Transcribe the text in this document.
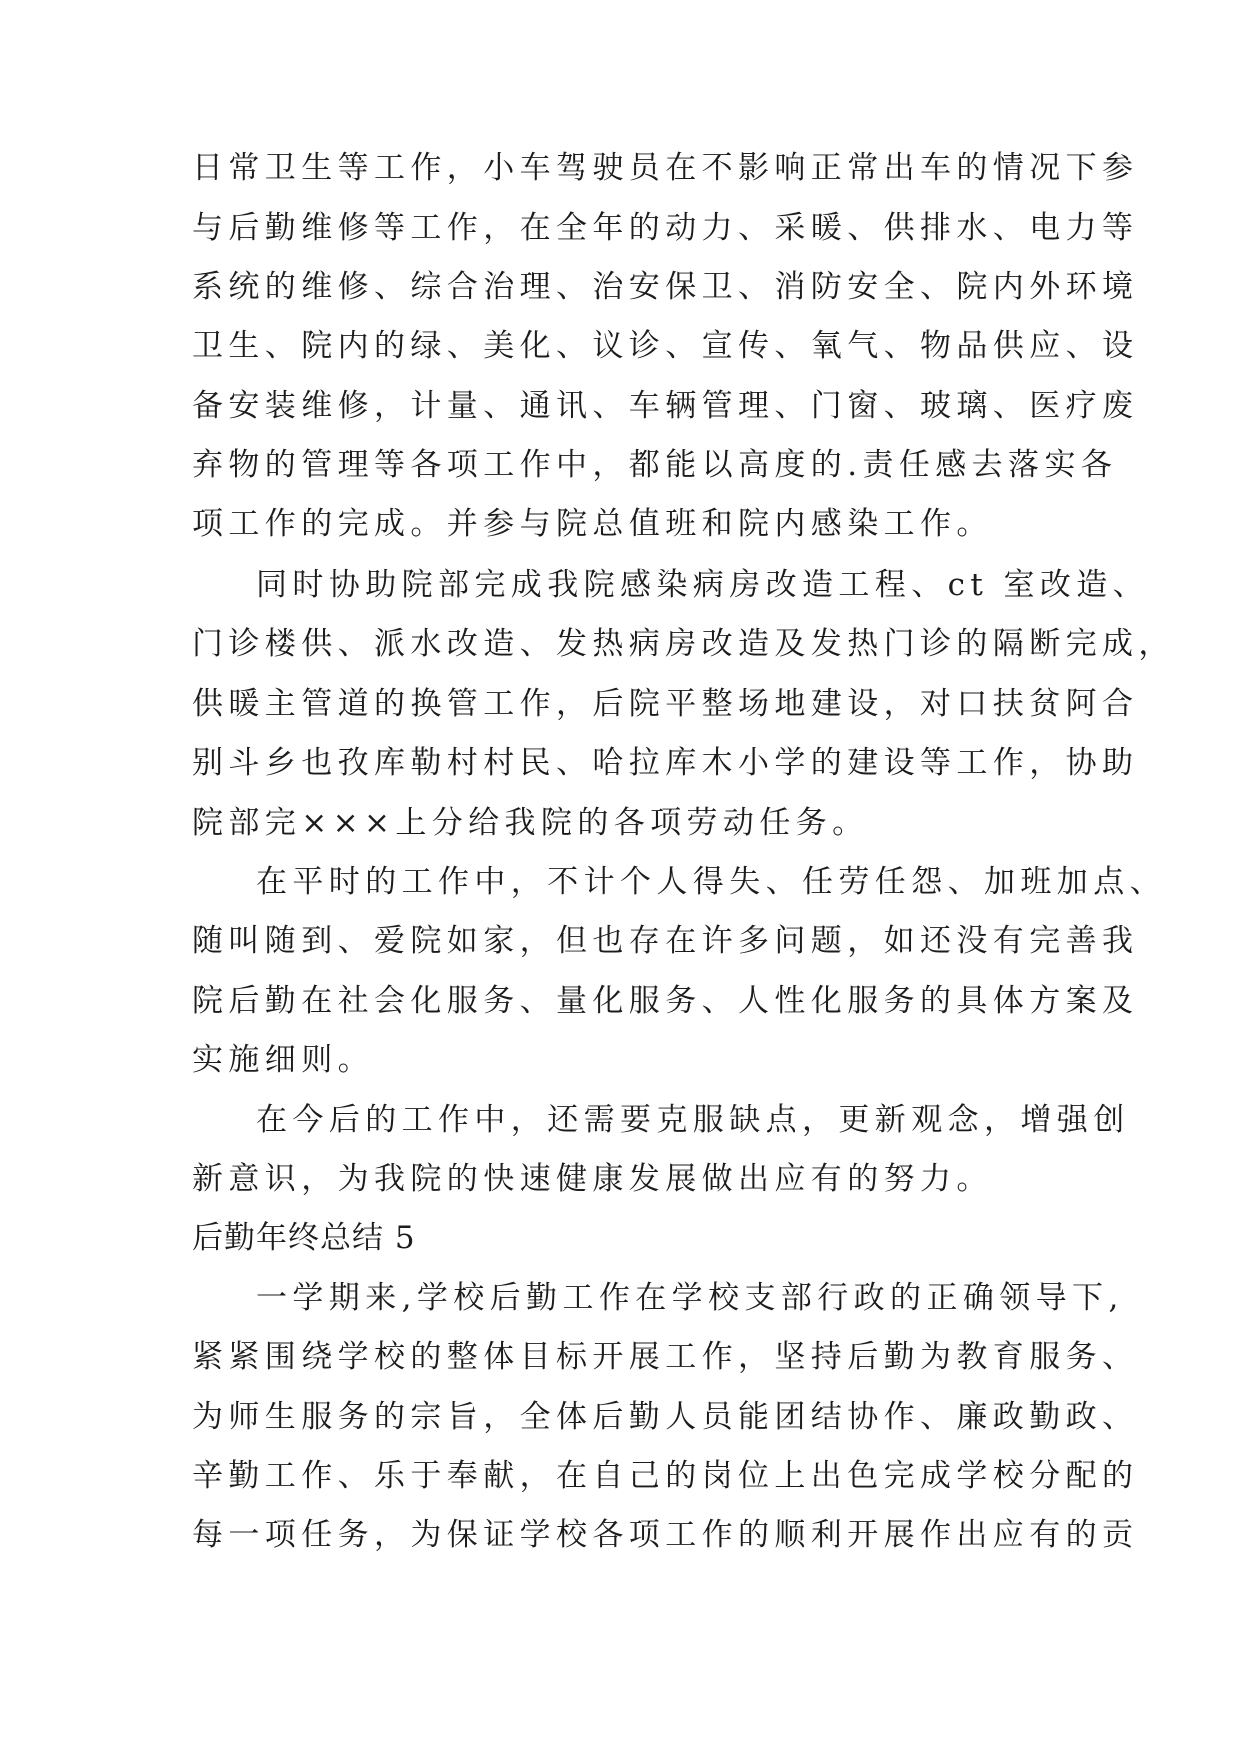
日常卫生等工作，小车驾驶员在不影响正常出车的情况下参

与后勤维修等工作，在全年的动力、采暖、供排水、电力等

系统的维修、综合治理、治安保卫、消防安全、院内外环境

卫生、院内的绿、美化、议诊、宣传、氧气、物品供应、设

备安装维修，计量、通讯、车辆管理、门窗、玻璃、医疗废

弃物的管理等各项工作中，都能以高度的.责任感去落实各

项工作的完成。并参与院总值班和院内感染工作。

同时协助院部完成我院感染病房改造工程、ct 室改造、

门诊楼供、派水改造、发热病房改造及发热门诊的隔断完成，

供暖主管道的换管工作，后院平整场地建设，对口扶贫阿合

别斗乡也孜库勒村村民、哈拉库木小学的建设等工作，协助

院部完×××上分给我院的各项劳动任务。

在平时的工作中，不计个人得失、任劳任怨、加班加点、

随叫随到、爱院如家，但也存在许多问题，如还没有完善我

院后勤在社会化服务、量化服务、人性化服务的具体方案及

实施细则。

在今后的工作中，还需要克服缺点，更新观念，增强创

新意识，为我院的快速健康发展做出应有的努力。

后勤年终总结 5

一学期来,学校后勤工作在学校支部行政的正确领导下,

紧紧围绕学校的整体目标开展工作，坚持后勤为教育服务、

为师生服务的宗旨，全体后勤人员能团结协作、廉政勤政、

辛勤工作、乐于奉献，在自己的岗位上出色完成学校分配的

每一项任务，为保证学校各项工作的顺利开展作出应有的贡
